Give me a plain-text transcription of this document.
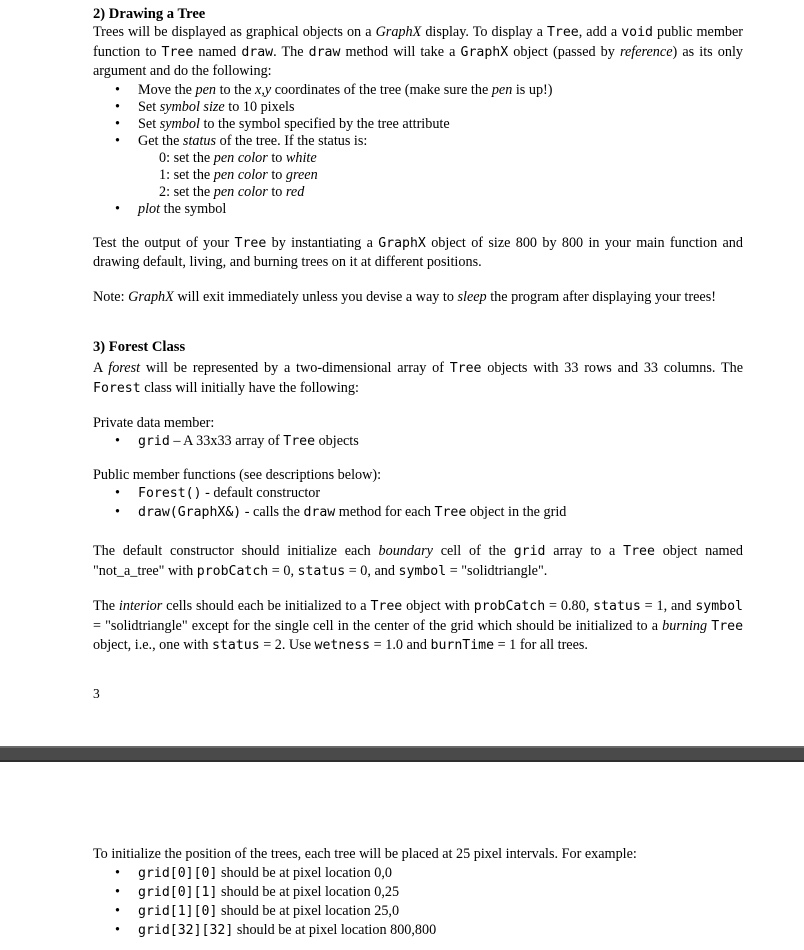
2) Drawing a Tree

Trees will be displayed as graphical objects on a GraphX display. To display a Tree, add a void public member function to Tree named draw. The draw method will take a GraphX object (passed by reference) as its only argument and do the following:

• Move the pen to the x,y coordinates of the tree (make sure the pen is up!)
• Set symbol size to 10 pixels
• Set symbol to the symbol specified by the tree attribute
• Get the status of the tree. If the status is:
0: set the pen color to white
1: set the pen color to green
2: set the pen color to red
• plot the symbol

Test the output of your Tree by instantiating a GraphX object of size 800 by 800 in your main function and drawing default, living, and burning trees on it at different positions.

Note: GraphX will exit immediately unless you devise a way to sleep the program after displaying your trees!

3) Forest Class

A forest will be represented by a two-dimensional array of Tree objects with 33 rows and 33 columns. The Forest class will initially have the following:

Private data member:

• grid – A 33x33 array of Tree objects

Public member functions (see descriptions below):

• Forest() - default constructor
• draw(GraphX&) - calls the draw method for each Tree object in the grid

The default constructor should initialize each boundary cell of the grid array to a Tree object named "not_a_tree" with probCatch = 0, status = 0, and symbol = "solidtriangle".

The interior cells should each be initialized to a Tree object with probCatch = 0.80, status = 1, and symbol = "solidtriangle" except for the single cell in the center of the grid which should be initialized to a burning Tree object, i.e., one with status = 2. Use wetness = 1.0 and burnTime = 1 for all trees.

3

To initialize the position of the trees, each tree will be placed at 25 pixel intervals. For example:

• grid[0][0] should be at pixel location 0,0
• grid[0][1] should be at pixel location 0,25
• grid[1][0] should be at pixel location 25,0
• grid[32][32] should be at pixel location 800,800
